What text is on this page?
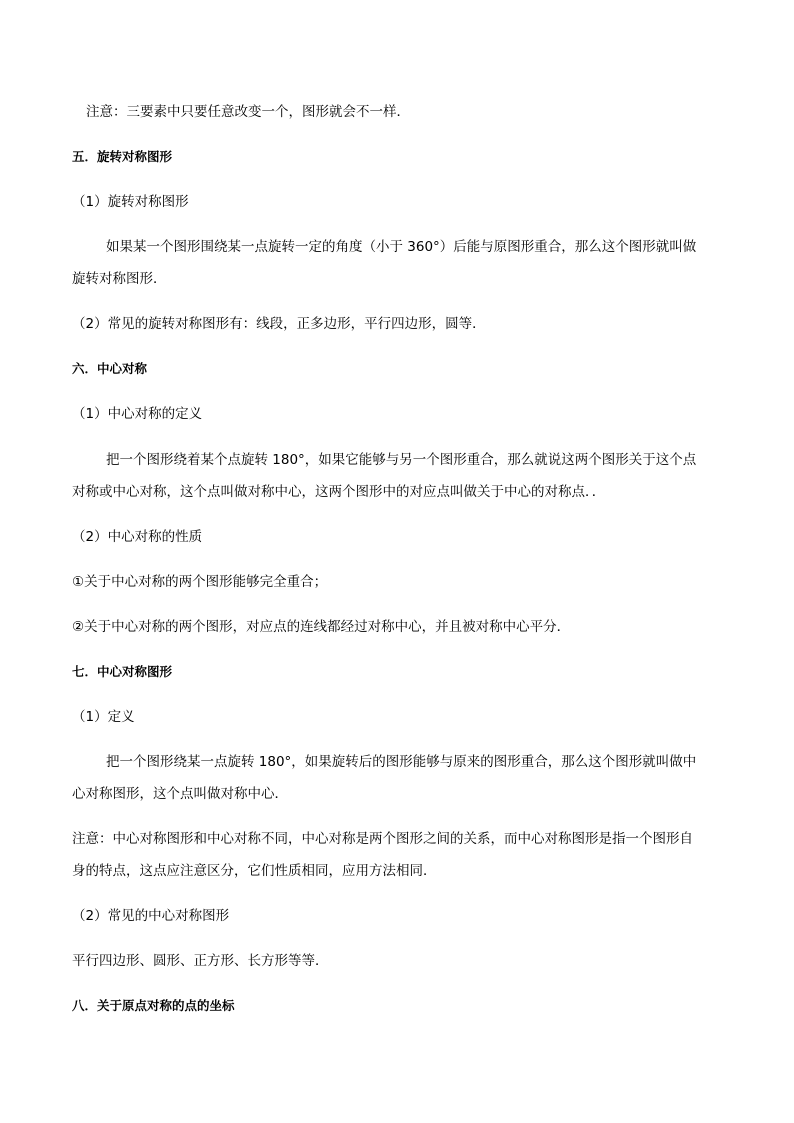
注意：三要素中只要任意改变一个，图形就会不一样．
五．旋转对称图形
（1）旋转对称图形
如果某一个图形围绕某一点旋转一定的角度（小于 360°）后能与原图形重合，那么这个图形就叫做
旋转对称图形．
（2）常见的旋转对称图形有：线段，正多边形，平行四边形，圆等．
六．中心对称
（1）中心对称的定义
把一个图形绕着某个点旋转 180°，如果它能够与另一个图形重合，那么就说这两个图形关于这个点
对称或中心对称，这个点叫做对称中心，这两个图形中的对应点叫做关于中心的对称点．．
（2）中心对称的性质
①关于中心对称的两个图形能够完全重合；
②关于中心对称的两个图形，对应点的连线都经过对称中心，并且被对称中心平分．
七．中心对称图形
（1）定义
把一个图形绕某一点旋转 180°，如果旋转后的图形能够与原来的图形重合，那么这个图形就叫做中
心对称图形，这个点叫做对称中心．
注意：中心对称图形和中心对称不同，中心对称是两个图形之间的关系，而中心对称图形是指一个图形自
身的特点，这点应注意区分，它们性质相同，应用方法相同．
（2）常见的中心对称图形
平行四边形、圆形、正方形、长方形等等．
八．关于原点对称的点的坐标
